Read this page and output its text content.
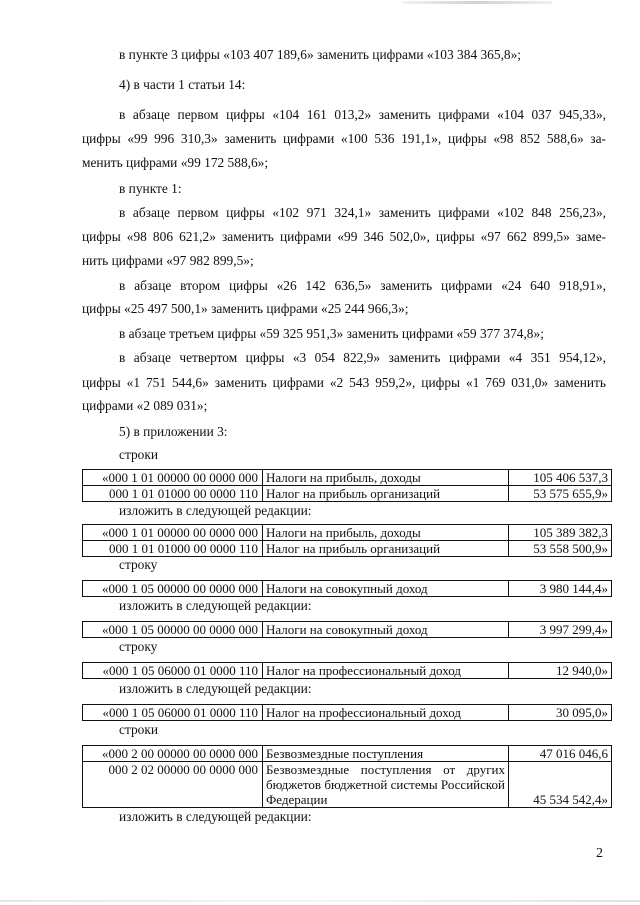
в пункте 3 цифры «103 407 189,6» заменить цифрами «103 384 365,8»;
4) в части 1 статьи 14:
в абзаце первом цифры «104 161 013,2» заменить цифрами «104 037 945,33»,
цифры «99 996 310,3» заменить цифрами «100 536 191,1», цифры «98 852 588,6» за-
менить цифрами «99 172 588,6»;
в пункте 1:
в абзаце первом цифры «102 971 324,1» заменить цифрами «102 848 256,23»,
цифры «98 806 621,2» заменить цифрами «99 346 502,0», цифры «97 662 899,5» заме-
нить цифрами «97 982 899,5»;
в абзаце втором цифры «26 142 636,5» заменить цифрами «24 640 918,91»,
цифры «25 497 500,1» заменить цифрами «25 244 966,3»;
в абзаце третьем цифры «59 325 951,3» заменить цифрами «59 377 374,8»;
в абзаце четвертом цифры «3 054 822,9» заменить цифрами «4 351 954,12»,
цифры «1 751 544,6» заменить цифрами «2 543 959,2», цифры «1 769 031,0» заменить
цифрами «2 089 031»;
5) в приложении 3:
строки
«000 1 01 00000 00 0000 000	Налоги на прибыль, доходы	105 406 537,3
000 1 01 01000 00 0000 110	Налог на прибыль организаций	53 575 655,9»
изложить в следующей редакции:
«000 1 01 00000 00 0000 000	Налоги на прибыль, доходы	105 389 382,3
000 1 01 01000 00 0000 110	Налог на прибыль организаций	53 558 500,9»
строку
«000 1 05 00000 00 0000 000	Налоги на совокупный доход	3 980 144,4»
изложить в следующей редакции:
«000 1 05 00000 00 0000 000	Налоги на совокупный доход	3 997 299,4»
строку
«000 1 05 06000 01 0000 110	Налог на профессиональный доход	12 940,0»
изложить в следующей редакции:
«000 1 05 06000 01 0000 110	Налог на профессиональный доход	30 095,0»
строки
«000 2 00 00000 00 0000 000	Безвозмездные поступления	47 016 046,6
000 2 02 00000 00 0000 000	Безвозмездные поступления от других бюджетов бюджетной системы Российской Федерации	45 534 542,4»
изложить в следующей редакции:
2
